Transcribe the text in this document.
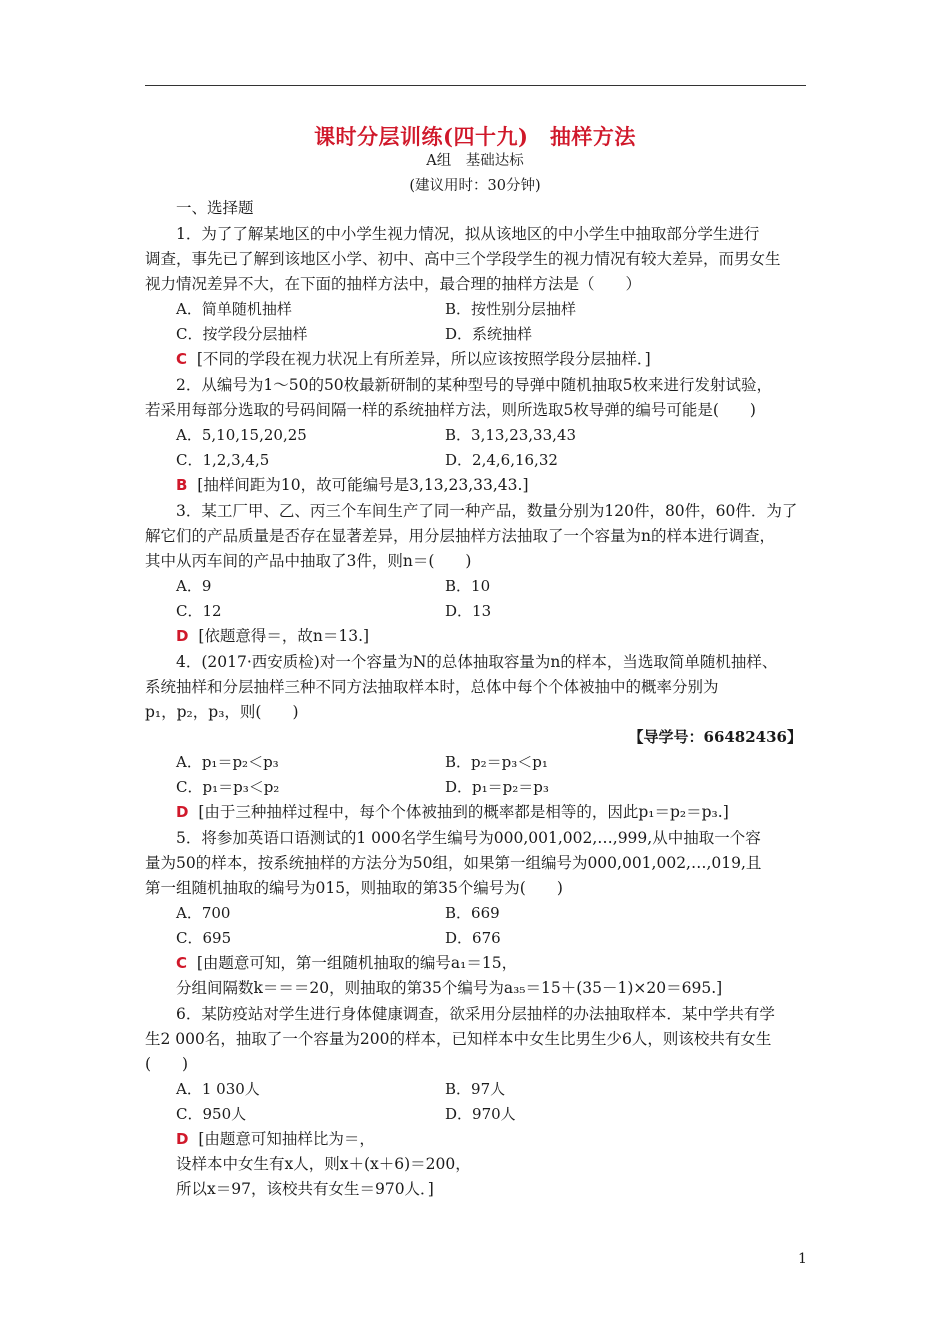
课时分层训练(四十九)　抽样方法
A组　基础达标
(建议用时：30分钟)
一、选择题
1．为了了解某地区的中小学生视力情况，拟从该地区的中小学生中抽取部分学生进行
调查，事先已了解到该地区小学、初中、高中三个学段学生的视力情况有较大差异，而男女生
视力情况差异不大，在下面的抽样方法中，最合理的抽样方法是（　　）
A．简单随机抽样	B．按性别分层抽样
C．按学段分层抽样	D．系统抽样
C [不同的学段在视力状况上有所差异，所以应该按照学段分层抽样．]
2．从编号为1～50的50枚最新研制的某种型号的导弹中随机抽取5枚来进行发射试验，
若采用每部分选取的号码间隔一样的系统抽样方法，则所选取5枚导弹的编号可能是(　　)
A．5,10,15,20,25	B．3,13,23,33,43
C．1,2,3,4,5	D．2,4,6,16,32
B [抽样间距为10，故可能编号是3,13,23,33,43.]
3．某工厂甲、乙、丙三个车间生产了同一种产品，数量分别为120件，80件，60件．为了
解它们的产品质量是否存在显著差异，用分层抽样方法抽取了一个容量为n的样本进行调查，
其中从丙车间的产品中抽取了3件，则n＝(　　)
A．9	B．10
C．12	D．13
D [依题意得＝，故n＝13.]
4．(2017·西安质检)对一个容量为N的总体抽取容量为n的样本，当选取简单随机抽样、
系统抽样和分层抽样三种不同方法抽取样本时，总体中每个个体被抽中的概率分别为
p₁，p₂，p₃，则(　　)
【导学号：66482436】
A．p₁＝p₂＜p₃	B．p₂＝p₃＜p₁
C．p₁＝p₃＜p₂	D．p₁＝p₂＝p₃
D [由于三种抽样过程中，每个个体被抽到的概率都是相等的，因此p₁＝p₂＝p₃.]
5．将参加英语口语测试的1 000名学生编号为000,001,002,…,999,从中抽取一个容
量为50的样本，按系统抽样的方法分为50组，如果第一组编号为000,001,002,…,019,且
第一组随机抽取的编号为015，则抽取的第35个编号为(　　)
A．700	B．669
C．695	D．676
C [由题意可知，第一组随机抽取的编号a₁＝15，
分组间隔数k＝＝＝20，则抽取的第35个编号为a₃₅＝15＋(35－1)×20＝695.]
6．某防疫站对学生进行身体健康调查，欲采用分层抽样的办法抽取样本．某中学共有学
生2 000名，抽取了一个容量为200的样本，已知样本中女生比男生少6人，则该校共有女生
(　　)
A．1 030人	B．97人
C．950人	D．970人
D [由题意可知抽样比为＝，
设样本中女生有x人，则x＋(x＋6)＝200，
所以x＝97，该校共有女生＝970人．]
1
